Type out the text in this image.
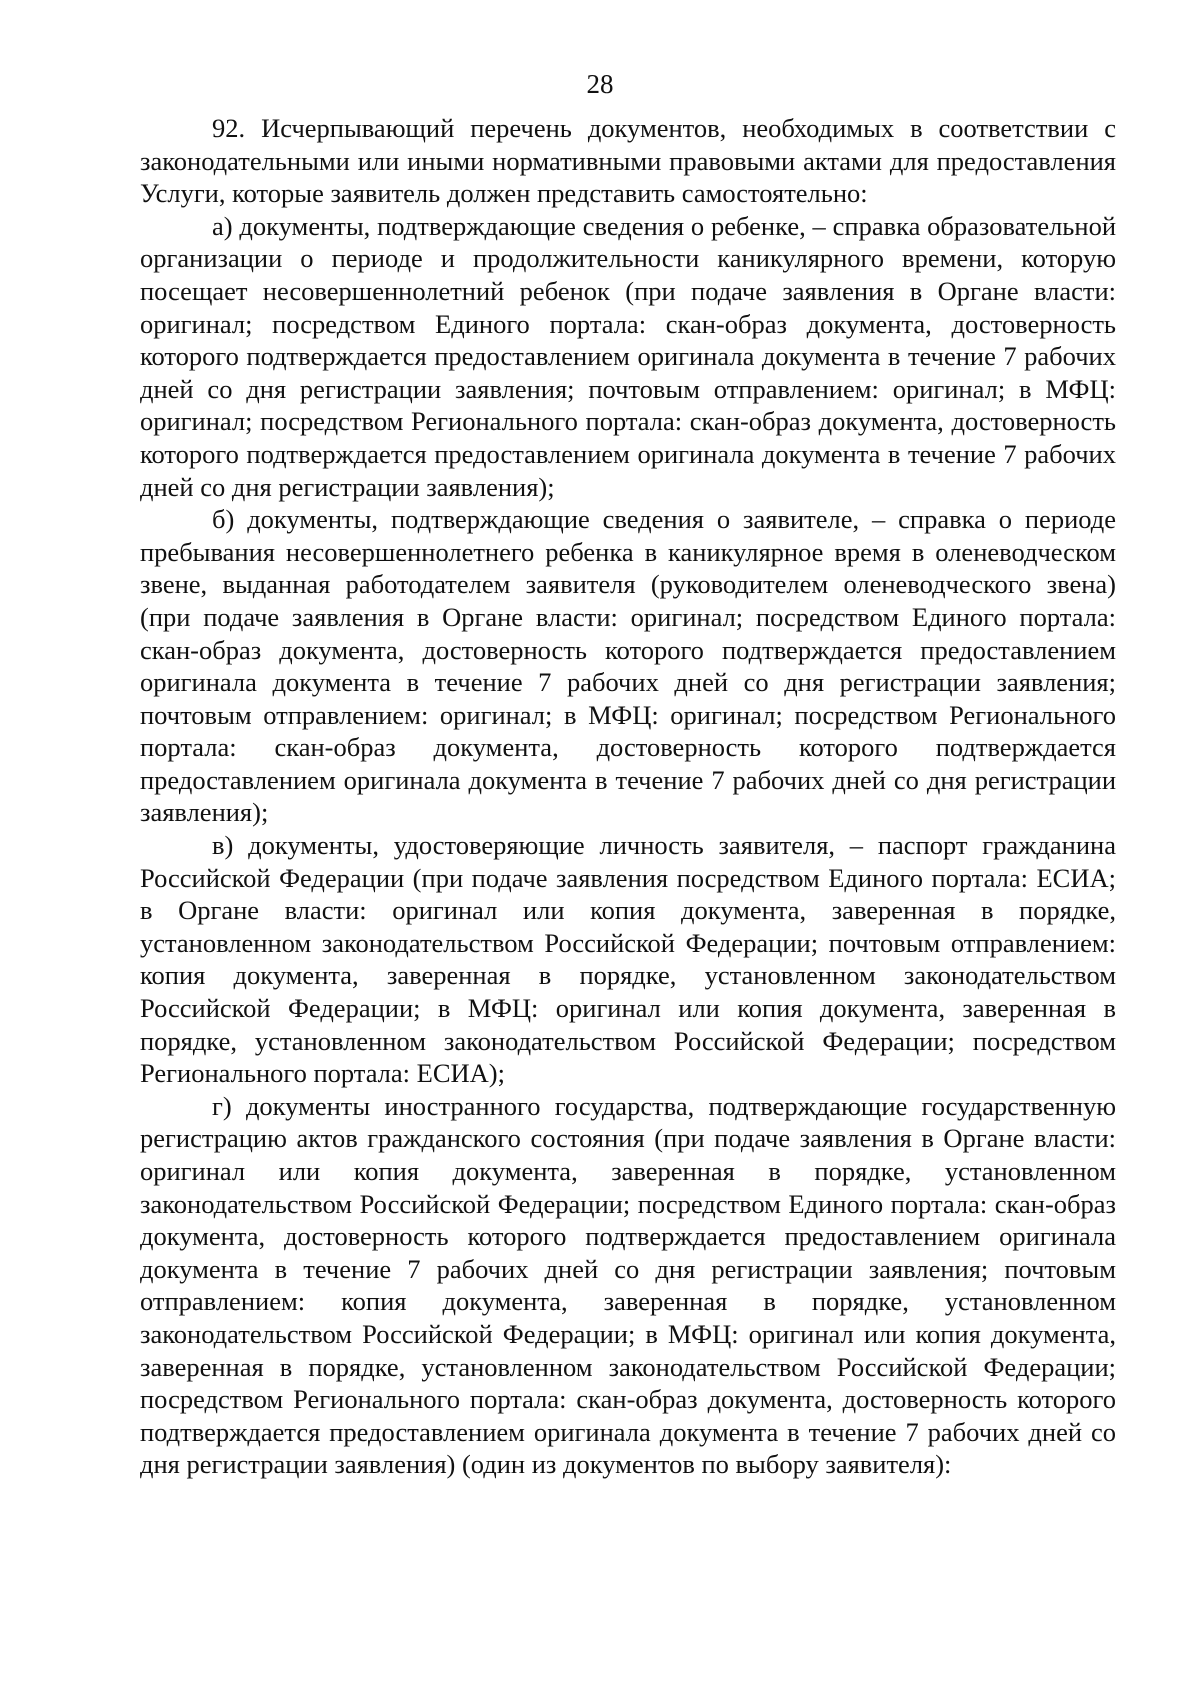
28

92. Исчерпывающий перечень документов, необходимых в соответствии с законодательными или иными нормативными правовыми актами для предоставления Услуги, которые заявитель должен представить самостоятельно:

а) документы, подтверждающие сведения о ребенке, – справка образовательной организации о периоде и продолжительности каникулярного времени, которую посещает несовершеннолетний ребенок (при подаче заявления в Органе власти: оригинал; посредством Единого портала: скан-образ документа, достоверность которого подтверждается предоставлением оригинала документа в течение 7 рабочих дней со дня регистрации заявления; почтовым отправлением: оригинал; в МФЦ: оригинал; посредством Регионального портала: скан-образ документа, достоверность которого подтверждается предоставлением оригинала документа в течение 7 рабочих дней со дня регистрации заявления);

б) документы, подтверждающие сведения о заявителе, – справка о периоде пребывания несовершеннолетнего ребенка в каникулярное время в оленеводческом звене, выданная работодателем заявителя (руководителем оленеводческого звена) (при подаче заявления в Органе власти: оригинал; посредством Единого портала: скан-образ документа, достоверность которого подтверждается предоставлением оригинала документа в течение 7 рабочих дней со дня регистрации заявления; почтовым отправлением: оригинал; в МФЦ: оригинал; посредством Регионального портала: скан-образ документа, достоверность которого подтверждается предоставлением оригинала документа в течение 7 рабочих дней со дня регистрации заявления);

в) документы, удостоверяющие личность заявителя, – паспорт гражданина Российской Федерации (при подаче заявления посредством Единого портала: ЕСИА; в Органе власти: оригинал или копия документа, заверенная в порядке, установленном законодательством Российской Федерации; почтовым отправлением: копия документа, заверенная в порядке, установленном законодательством Российской Федерации; в МФЦ: оригинал или копия документа, заверенная в порядке, установленном законодательством Российской Федерации; посредством Регионального портала: ЕСИА);

г) документы иностранного государства, подтверждающие государственную регистрацию актов гражданского состояния (при подаче заявления в Органе власти: оригинал или копия документа, заверенная в порядке, установленном законодательством Российской Федерации; посредством Единого портала: скан-образ документа, достоверность которого подтверждается предоставлением оригинала документа в течение 7 рабочих дней со дня регистрации заявления; почтовым отправлением: копия документа, заверенная в порядке, установленном законодательством Российской Федерации; в МФЦ: оригинал или копия документа, заверенная в порядке, установленном законодательством Российской Федерации; посредством Регионального портала: скан-образ документа, достоверность которого подтверждается предоставлением оригинала документа в течение 7 рабочих дней со дня регистрации заявления) (один из документов по выбору заявителя):
